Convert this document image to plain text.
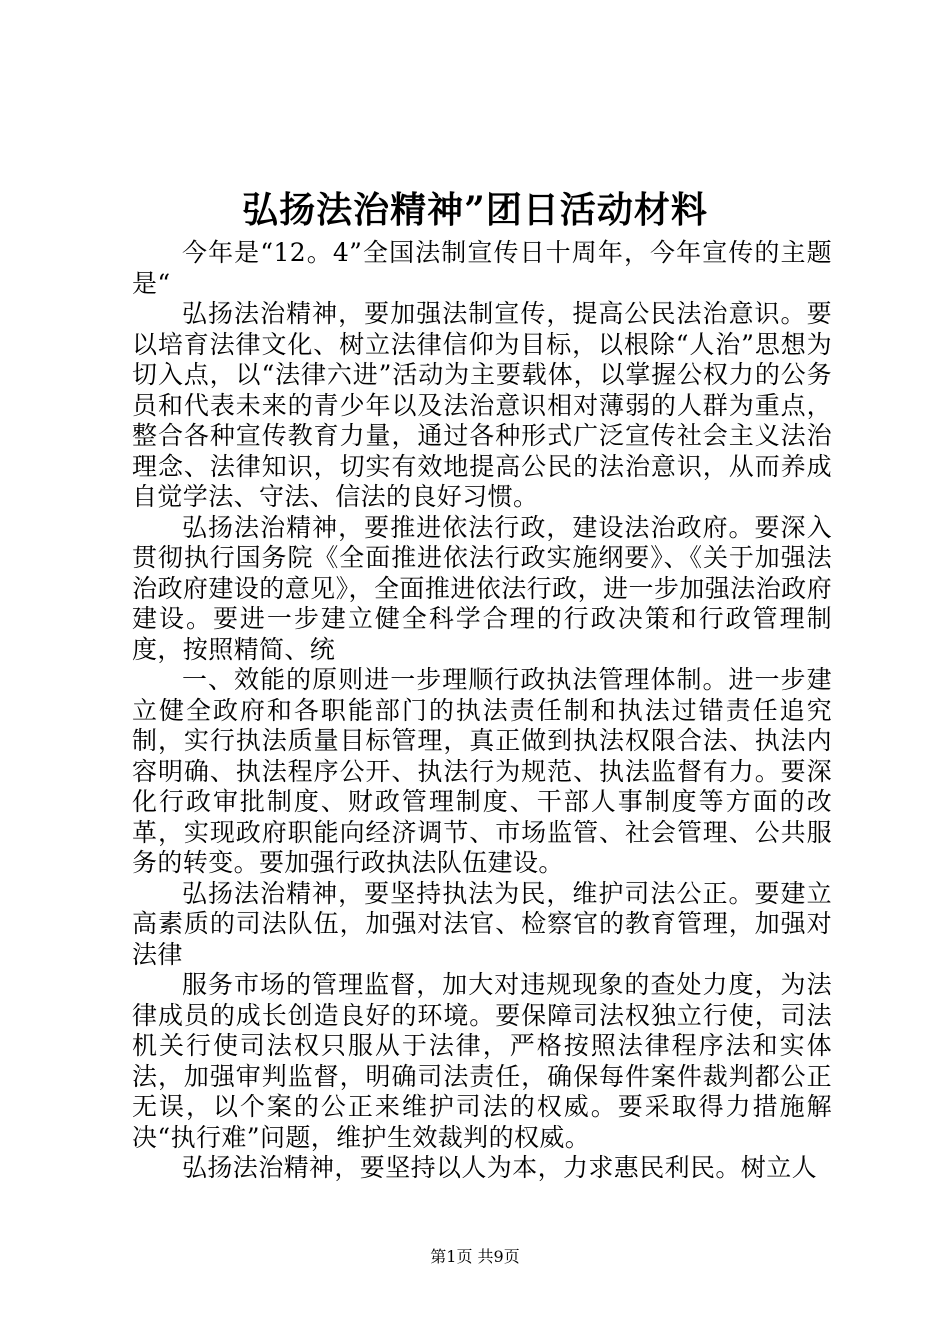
弘扬法治精神”团日活动材料

今年是“12。4”全国法制宣传日十周年，今年宣传的主题是“

弘扬法治精神，要加强法制宣传，提高公民法治意识。要以培育法律文化、树立法律信仰为目标，以根除“人治”思想为切入点，以“法律六进”活动为主要载体，以掌握公权力的公务员和代表未来的青少年以及法治意识相对薄弱的人群为重点，整合各种宣传教育力量，通过各种形式广泛宣传社会主义法治理念、法律知识，切实有效地提高公民的法治意识，从而养成自觉学法、守法、信法的良好习惯。

弘扬法治精神，要推进依法行政，建设法治政府。要深入贯彻执行国务院《全面推进依法行政实施纲要》、《关于加强法治政府建设的意见》，全面推进依法行政，进一步加强法治政府建设。要进一步建立健全科学合理的行政决策和行政管理制度，按照精简、统

一、效能的原则进一步理顺行政执法管理体制。进一步建立健全政府和各职能部门的执法责任制和执法过错责任追究制，实行执法质量目标管理，真正做到执法权限合法、执法内容明确、执法程序公开、执法行为规范、执法监督有力。要深化行政审批制度、财政管理制度、干部人事制度等方面的改革，实现政府职能向经济调节、市场监管、社会管理、公共服务的转变。要加强行政执法队伍建设。

弘扬法治精神，要坚持执法为民，维护司法公正。要建立高素质的司法队伍，加强对法官、检察官的教育管理，加强对法律

服务市场的管理监督，加大对违规现象的查处力度，为法律成员的成长创造良好的环境。要保障司法权独立行使，司法机关行使司法权只服从于法律，严格按照法律程序法和实体法，加强审判监督，明确司法责任，确保每件案件裁判都公正无误，以个案的公正来维护司法的权威。要采取得力措施解决“执行难”问题，维护生效裁判的权威。

弘扬法治精神，要坚持以人为本，力求惠民利民。树立人

第1页 共9页
